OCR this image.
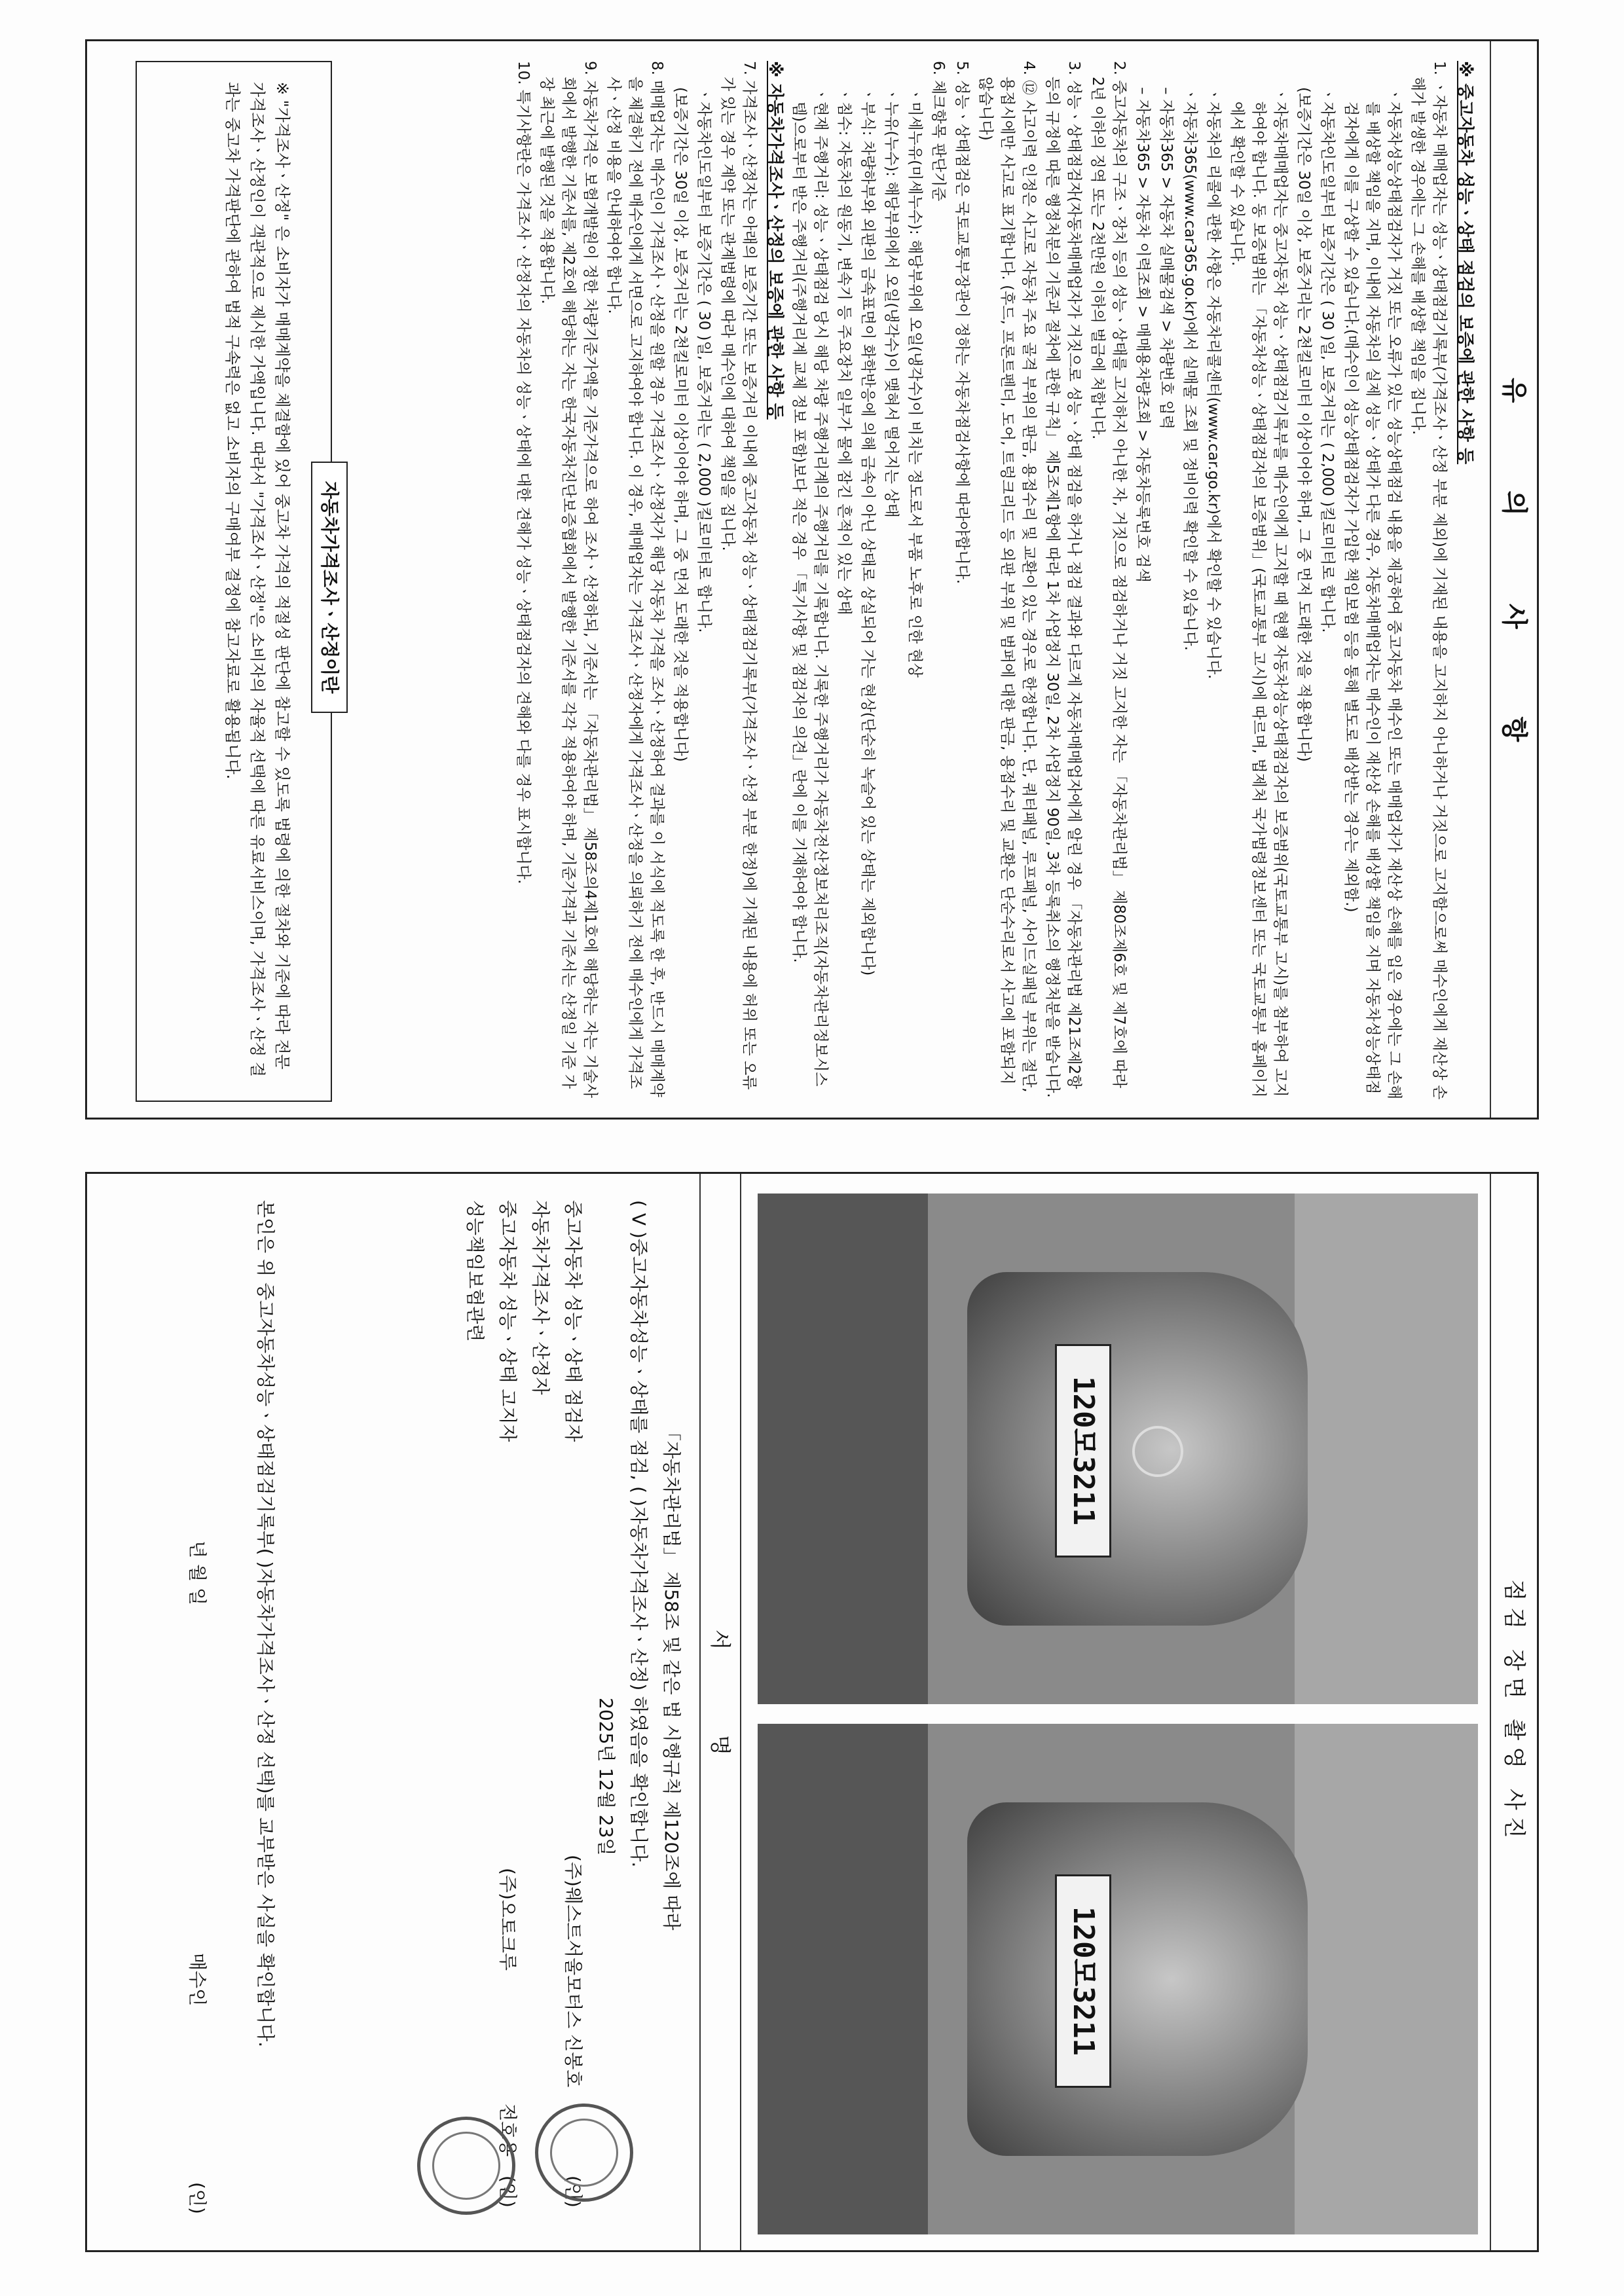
유 의 사 항
※ 중고자동차 성능ㆍ상태 점검의 보증에 관한 사항 등
1. ㆍ자동차 매매업자는 성능ㆍ상태점검기록부(가격조사ㆍ산정 부분 제외)에 기재된 내용을 고지하지 아니하거나 거짓으로 고지함으로써 매수인에게 재산상 손해가 발생한 경우에는 그 손해를 배상할 책임을 집니다.
ㆍ자동차성능상태점검자가 거짓 또는 오류가 있는 성능상태점검 내용을 제공하여 중고자동차 매수인 또는 매매업자가 재산상 손해를 입은 경우에는 그 손해를 배상할 책임을 지며, 이내에 자동차의 실제 성능ㆍ상태가 다른 경우, 자동차매매업자는 매수인이 재산상 손해를 배상할 책임을 지며 자동차성능상태점검자에게 이를 구상할 수 있습니다.(매수인이 성능상태점검자가 가입한 책임보험 등을 통해 별도로 배상받는 경우는 제외함.)
ㆍ자동차인도일부터 보증기간은 ( 30 )일, 보증거리는 ( 2,000 )킬로미터로 합니다.
(보증기간은 30일 이상, 보증거리는 2천킬로미터 이상이어야 하며, 그 중 먼저 도래한 것을 적용합니다)
ㆍ자동차매매업자는 중고자동차 성능ㆍ상태점검기록부를 매수인에게 고지할 때 현행 자동차성능상태점검자의 보증범위(국토교통부 고시)를 첨부하여 고지하여야 합니다. 동 보증범위는 「자동차성능ㆍ상태점검자의 보증범위」(국토교통부 고시)에 따르며, 법제처 국가법령정보센터 또는 국토교통부 홈페이지에서 확인할 수 있습니다.
ㆍ자동차의 리콜에 관한 사항은 자동차리콜센터(www.car.go.kr)에서 확인할 수 있습니다.
ㆍ자동차365(www.car365.go.kr)에서 실매물 조회 및 정비이력 확인할 수 있습니다.
– 자동차365 > 자동차 실매물검색 > 차량번호 입력
– 자동차365 > 자동차 이력조회 > 매매용차량조회 > 자동차등록번호 검색
2. 중고자동차의 구조ㆍ장치 등의 성능ㆍ상태를 고지하지 아니한 자, 거짓으로 점검하거나 거짓 고지한 자는 「자동차관리법」 제80조제6호 및 제7호에 따라 2년 이하의 징역 또는 2천만원 이하의 벌금에 처합니다.
3. 성능ㆍ상태점검자(자동차매매업자가 거짓으로 성능ㆍ상태 점검을 하거나 점검 결과와 다르게 자동차매매업자에게 알린 경우 「자동차관리법 제21조제2항 등의 규정에 따른 행정처분의 기준과 절차에 관한 규칙」 제5조제1항에 따라 1차 사업정지 30일, 2차 사업정지 90일, 3차 등록취소의 행정처분을 받습니다.
4. ⑫ 사고이력 인정은 사고로 자동차 주요 골격 부위의 판금, 용접수리 및 교환이 있는 경우로 한정합니다. 단, 쿼터패널, 루프패널, 사이드실패널 부위는 절단, 용접시에만 사고로 표기합니다. (후드, 프론트펜더, 도어, 트렁크리드 등 외판 부위 및 범퍼에 대한 판금, 용접수리 및 교환은 단순수리로서 사고에 포함되지 않습니다)
5. 성능ㆍ상태점검은 국토교통부장관이 정하는 자동차점검사항에 따라야합니다.
6. 체크항목 판단기준
ㆍ미세누유(미세누수): 해당부위에 오일(냉각수)이 비치는 정도로서 부품 노후로 인한 현상
ㆍ누유(누수): 해당부위에서 오일(냉각수)이 맺혀서 떨어지는 상태
ㆍ부식: 차량하부와 외판의 금속표면이 화학반응에 의해 금속이 아닌 상태로 상실되어 가는 현상(단순히 녹슬어 있는 상태는 제외합니다)
ㆍ침수: 자동차의 원동기, 변속기 등 주요장치 일부가 물에 잠긴 흔적이 있는 상태
ㆍ현재 주행거리: 성능ㆍ상태점검 당시 해당 차량 주행거리계의 주행거리를 기록합니다. 기록한 주행거리가 자동차전산정보처리조직(자동차관리정보시스템)으로부터 받은 주행거리(주행거리계 교체 정보 포함)보다 적은 경우 「특기사항 및 점검자의 의견」란에 이를 기재하여야 합니다.
※ 자동차가격조사ㆍ산정의 보증에 관한 사항 등
7. 가격조사ㆍ산정자는 아래의 보증기간 또는 보증거리 이내에 중고자동차 성능ㆍ상태점검기록부(가격조사ㆍ산정 부분 한정)에 기재된 내용에 허위 또는 오류가 있는 경우 계약 또는 관계법령에 따라 매수인에 대하여 책임을 집니다.
ㆍ자동차인도일부터 보증기간은 ( 30 )일, 보증거리는 ( 2,000 )킬로미터로 합니다.
(보증기간은 30일 이상, 보증거리는 2천킬로미터 이상이어야 하며, 그 중 먼저 도래한 것을 적용합니다)
8. 매매업자는 매수인이 가격조사ㆍ산정을 원할 경우 가격조사ㆍ산정자가 해당 자동차 가격을 조사ㆍ산정하여 결과를 이 서식에 적도록 한 후, 반드시 매매계약을 체결하기 전에 매수인에게 서면으로 고지하여야 합니다. 이 경우, 매매업자는 가격조사ㆍ산정자에게 가격조사ㆍ산정을 의뢰하기 전에 매수인에게 가격조사ㆍ산정 비용을 안내하여야 합니다.
9. 자동차가격은 보험개발원이 정한 차량기준가액을 기준가격으로 하여 조사ㆍ산정하되, 기준서는 「자동차관리법」 제58조의4제1호에 해당하는 자는 기술사회에서 발행한 기준서를, 제2호에 해당하는 자는 한국자동차진단보증협회에서 발행한 기준서를 각각 적용하여야 하며, 기준가격과 기준서는 산정일 기준 가장 최근에 발행된 것을 적용합니다.
10. 특기사항란은 가격조사ㆍ산정자의 자동차의 성능ㆍ상태에 대한 견해가 성능ㆍ상태점검자의 견해와 다를 경우 표시합니다.
자동차가격조사ㆍ산정이란
※ "가격조사ㆍ산정" 은 소비자가 매매계약을 체결함에 있어 중고차 가격의 적절성 판단에 참고할 수 있도록 법령에 의한 절차와 기준에 따라 전문 가격조사ㆍ산정인이 객관적으로 제시한 가액입니다. 따라서 "가격조사ㆍ산정"은 소비자의 자율적 선택에 따른 유료서비스이며, 가격조사ㆍ산정 결과는 중고차 가격판단에 관하여 법적 구속력은 없고 소비자의 구매여부 결정에 참고자료로 활용됩니다.
점검 장면 촬영 사진
120모3211
120모3211
서 명
「자동차관리법」 제58조 및 같은 법 시행규칙 제120조에 따라
( V )중고자동차성능ㆍ상태를 점검, ( )자동차가격조사ㆍ산정) 하였음을 확인합니다.
2025년 12월 23일
중고자동차 성능ㆍ상태 점검자
(주)웨스트서울모터스 신봉호
(인)
자동차가격조사ㆍ산정자
중고자동차 성능ㆍ상태 고지자
(주)오토크루
전호용
(인)
성능책임보험관련
본인은 위 중고자동차성능ㆍ상태점검기록부( )자동차가격조사ㆍ산정 선택)를 교부받은 사실을 확인합니다.
년 월 일
매수인
(인)
